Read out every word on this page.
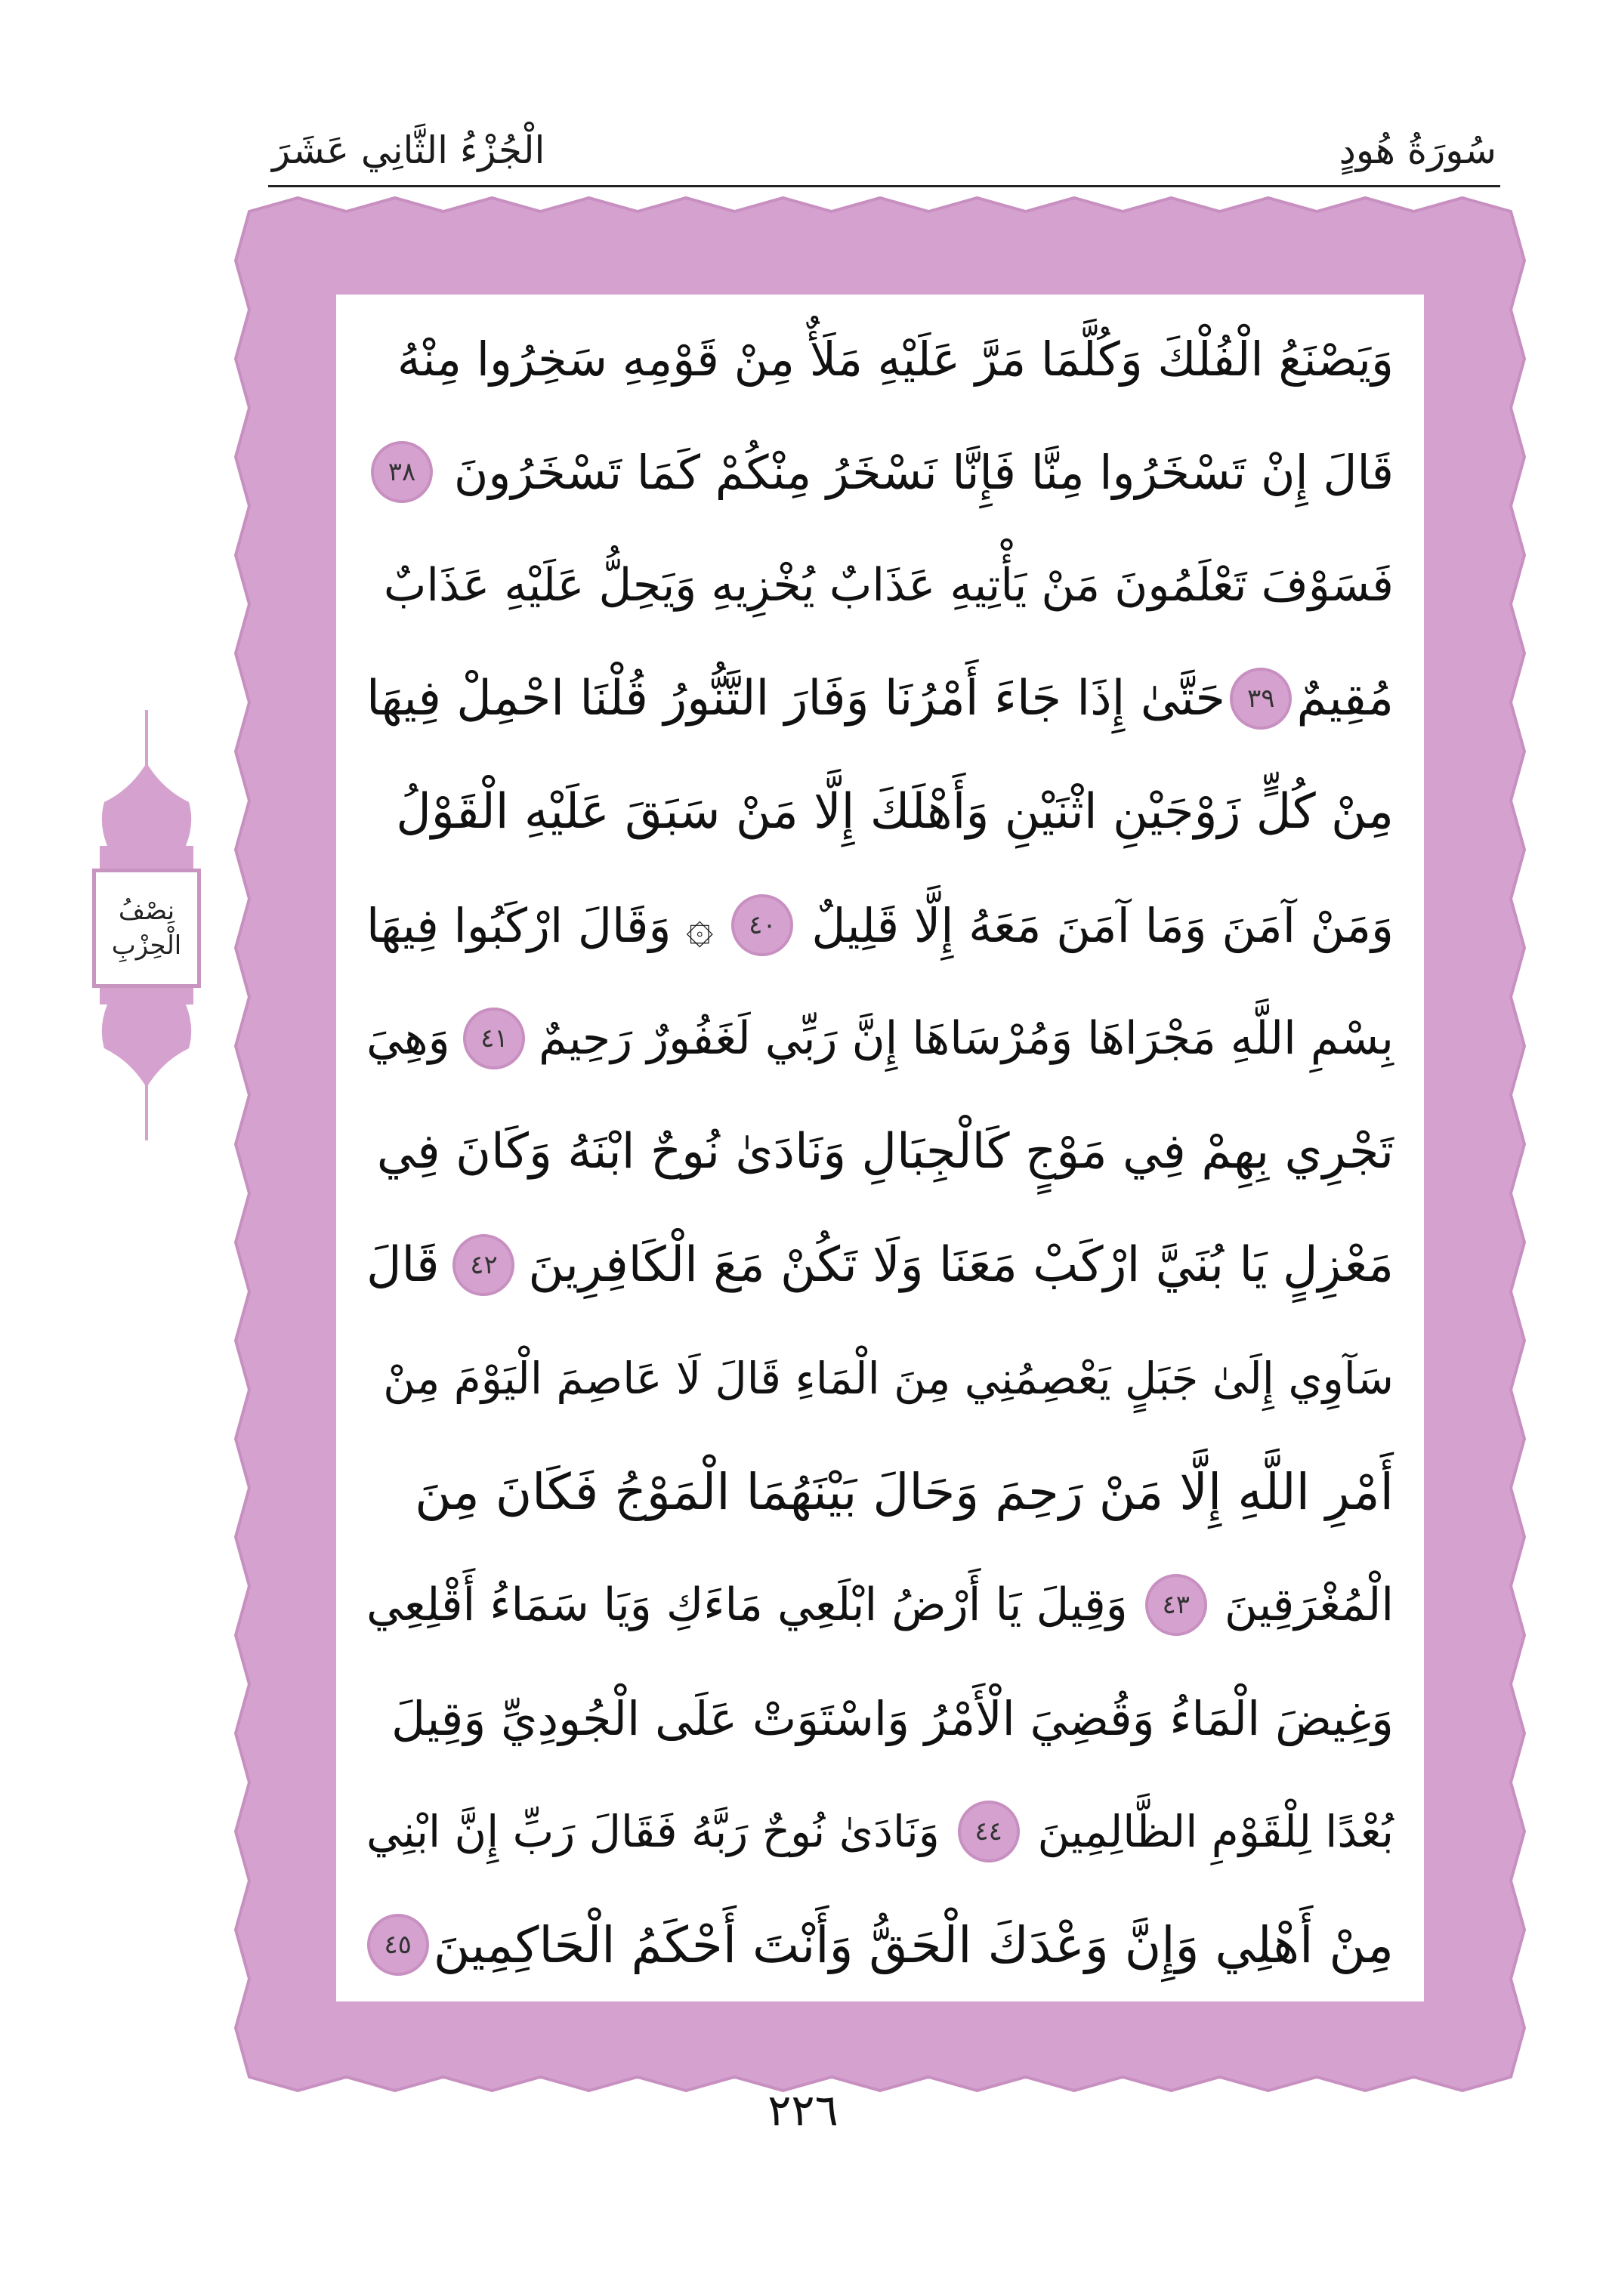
سُورَةُ هُودٍ
الْجُزْءُ الثَّانِي عَشَرَ
وَيَصْنَعُ الْفُلْكَ وَكُلَّمَا مَرَّ عَلَيْهِ مَلَأٌ مِنْ قَوْمِهِ سَخِرُوا مِنْهُ
قَالَ إِنْ تَسْخَرُوا مِنَّا فَإِنَّا نَسْخَرُ مِنْكُمْ كَمَا تَسْخَرُونَ
٣٨
فَسَوْفَ تَعْلَمُونَ مَنْ يَأْتِيهِ عَذَابٌ يُخْزِيهِ وَيَحِلُّ عَلَيْهِ عَذَابٌ
مُقِيمٌ
٣٩
حَتَّىٰ إِذَا جَاءَ أَمْرُنَا وَفَارَ التَّنُّورُ قُلْنَا احْمِلْ فِيهَا
مِنْ كُلٍّ زَوْجَيْنِ اثْنَيْنِ وَأَهْلَكَ إِلَّا مَنْ سَبَقَ عَلَيْهِ الْقَوْلُ
وَمَنْ آمَنَ وَمَا آمَنَ مَعَهُ إِلَّا قَلِيلٌ
٤٠
۞ وَقَالَ ارْكَبُوا فِيهَا
بِسْمِ اللَّهِ مَجْرَاهَا وَمُرْسَاهَا إِنَّ رَبِّي لَغَفُورٌ رَحِيمٌ
٤١
وَهِيَ
تَجْرِي بِهِمْ فِي مَوْجٍ كَالْجِبَالِ وَنَادَىٰ نُوحٌ ابْنَهُ وَكَانَ فِي
مَعْزِلٍ يَا بُنَيَّ ارْكَبْ مَعَنَا وَلَا تَكُنْ مَعَ الْكَافِرِينَ
٤٢
قَالَ
سَآوِي إِلَىٰ جَبَلٍ يَعْصِمُنِي مِنَ الْمَاءِ قَالَ لَا عَاصِمَ الْيَوْمَ مِنْ
أَمْرِ اللَّهِ إِلَّا مَنْ رَحِمَ وَحَالَ بَيْنَهُمَا الْمَوْجُ فَكَانَ مِنَ
الْمُغْرَقِينَ
٤٣
وَقِيلَ يَا أَرْضُ ابْلَعِي مَاءَكِ وَيَا سَمَاءُ أَقْلِعِي
وَغِيضَ الْمَاءُ وَقُضِيَ الْأَمْرُ وَاسْتَوَتْ عَلَى الْجُودِيِّ وَقِيلَ
بُعْدًا لِلْقَوْمِ الظَّالِمِينَ
٤٤
وَنَادَىٰ نُوحٌ رَبَّهُ فَقَالَ رَبِّ إِنَّ ابْنِي
مِنْ أَهْلِي وَإِنَّ وَعْدَكَ الْحَقُّ وَأَنْتَ أَحْكَمُ الْحَاكِمِينَ
٤٥
نِصْفُ
الْحِزْبِ
٢٢٦
